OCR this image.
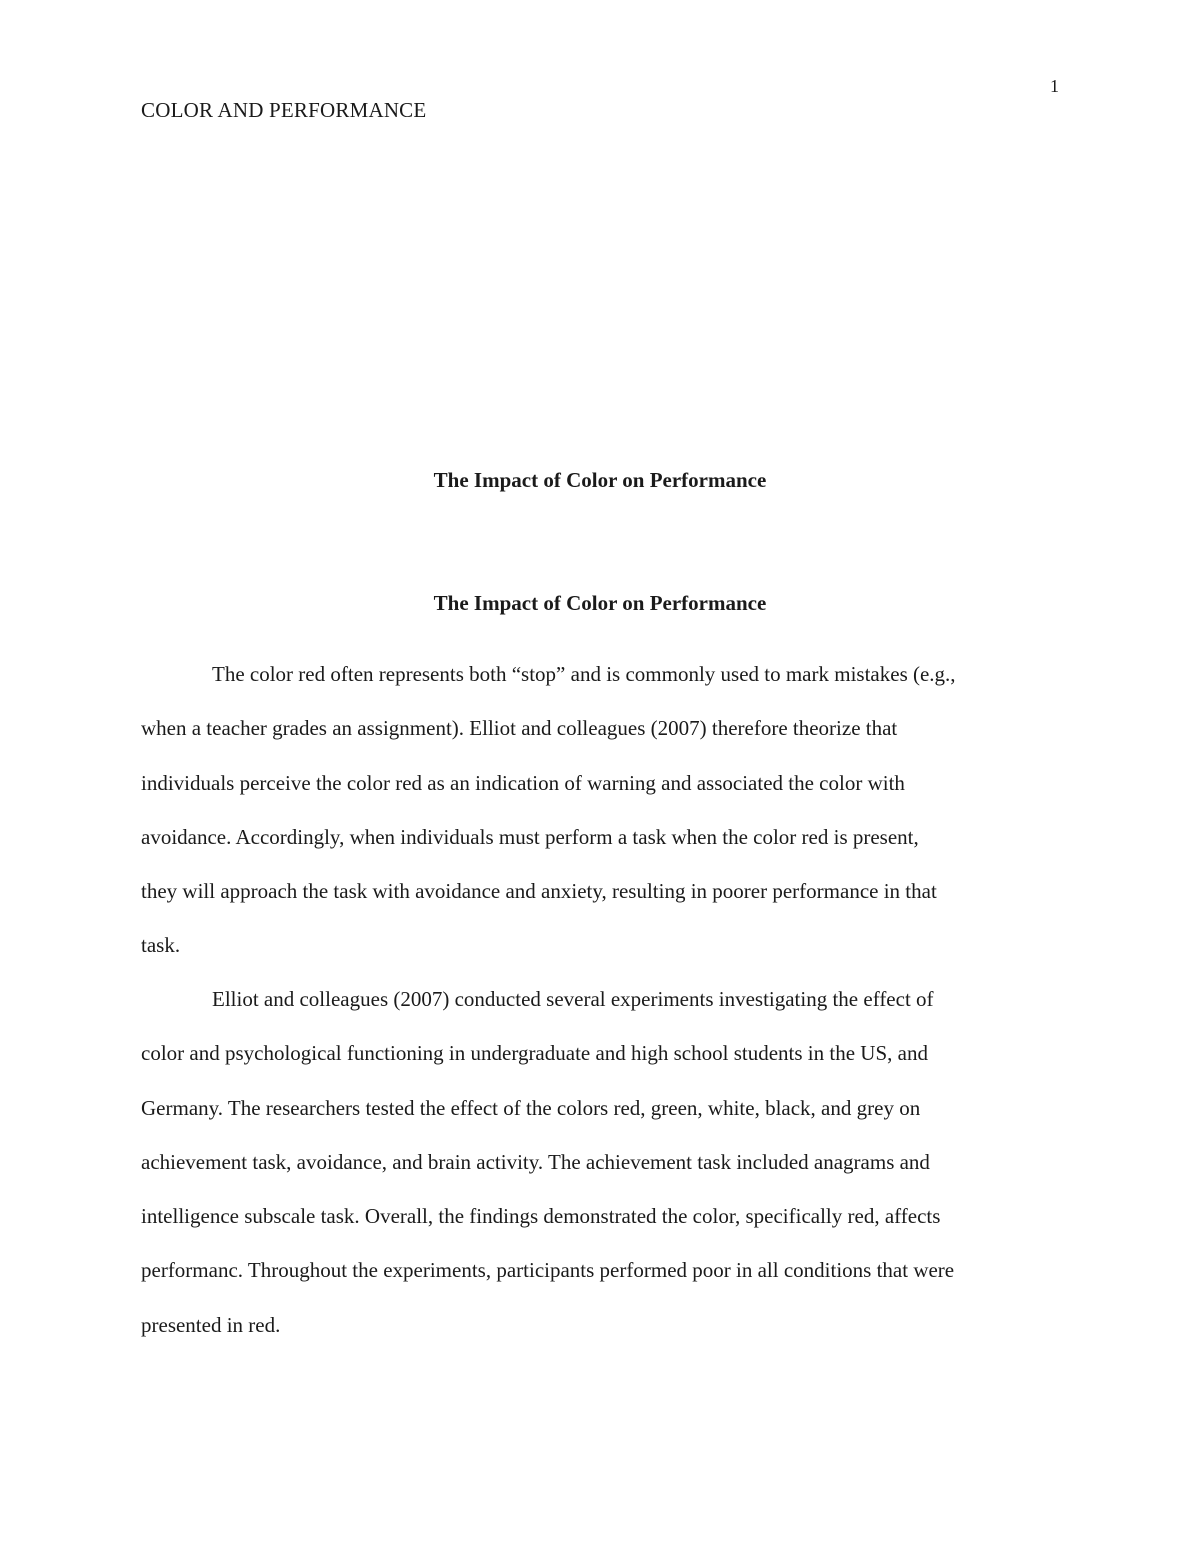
COLOR AND PERFORMANCE
1
The Impact of Color on Performance
The Impact of Color on Performance
The color red often represents both “stop” and is commonly used to mark mistakes (e.g.,
when a teacher grades an assignment). Elliot and colleagues (2007) therefore theorize that
individuals perceive the color red as an indication of warning and associated the color with
avoidance. Accordingly, when individuals must perform a task when the color red is present,
they will approach the task with avoidance and anxiety, resulting in poorer performance in that
task.
Elliot and colleagues (2007) conducted several experiments investigating the effect of
color and psychological functioning in undergraduate and high school students in the US, and
Germany. The researchers tested the effect of the colors red, green, white, black, and grey on
achievement task, avoidance, and brain activity. The achievement task included anagrams and
intelligence subscale task. Overall, the findings demonstrated the color, specifically red, affects
performanc. Throughout the experiments, participants performed poor in all conditions that were
presented in red.
